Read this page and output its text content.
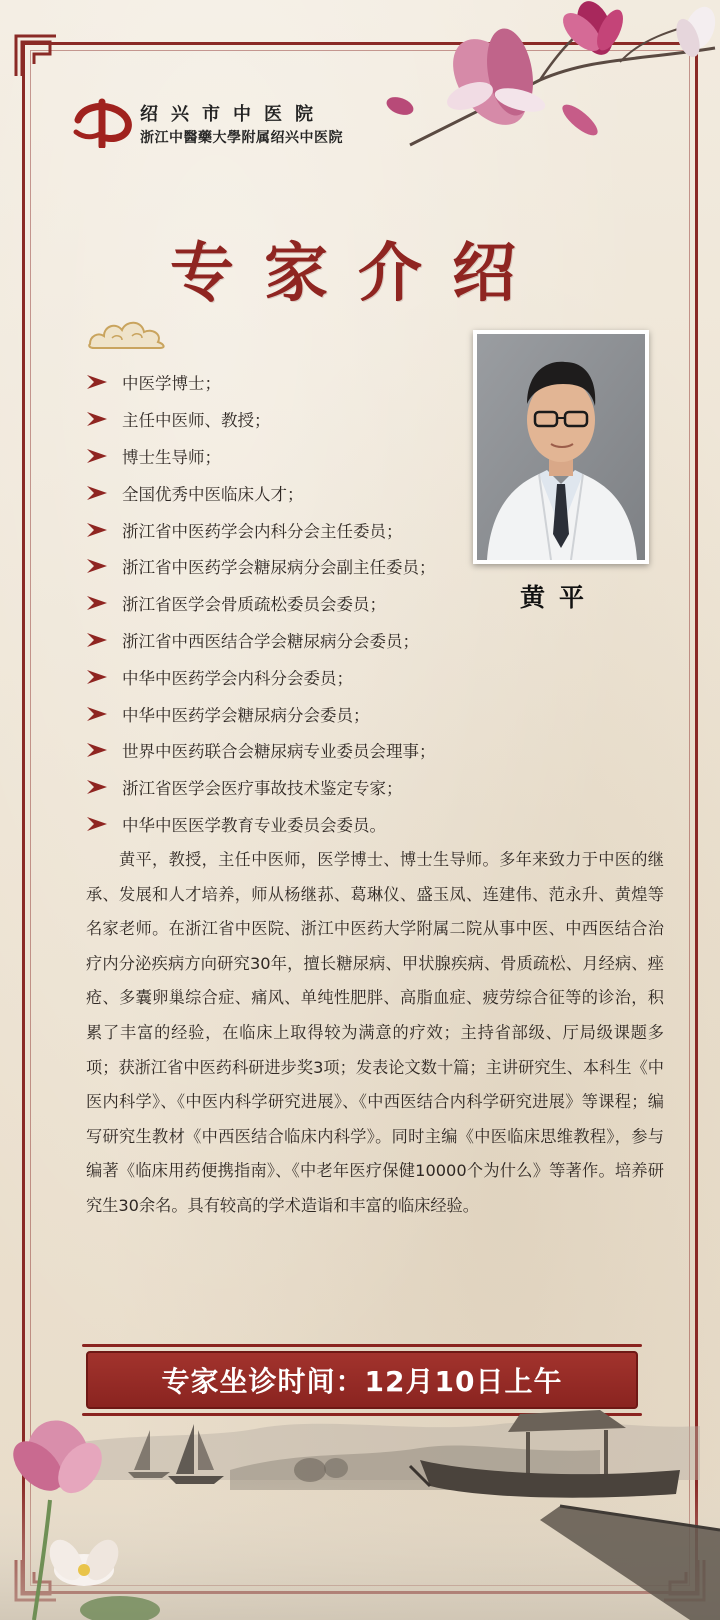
绍兴市中医院
浙江中醫藥大學附属绍兴中医院
专家介绍
黄平
中医学博士；
主任中医师、教授；
博士生导师；
全国优秀中医临床人才；
浙江省中医药学会内科分会主任委员；
浙江省中医药学会糖尿病分会副主任委员；
浙江省医学会骨质疏松委员会委员；
浙江省中西医结合学会糖尿病分会委员；
中华中医药学会内科分会委员；
中华中医药学会糖尿病分会委员；
世界中医药联合会糖尿病专业委员会理事；
浙江省医学会医疗事故技术鉴定专家；
中华中医医学教育专业委员会委员。

黄平，教授，主任中医师，医学博士、博士生导师。多年来致力于中医的继承、发展和人才培养，师从杨继荪、葛琳仪、盛玉凤、连建伟、范永升、黄煌等名家老师。在浙江省中医院、浙江中医药大学附属二院从事中医、中西医结合治疗内分泌疾病方向研究30年，擅长糖尿病、甲状腺疾病、骨质疏松、月经病、痤疮、多囊卵巢综合症、痛风、单纯性肥胖、高脂血症、疲劳综合征等的诊治，积累了丰富的经验，在临床上取得较为满意的疗效；主持省部级、厅局级课题多项；获浙江省中医药科研进步奖3项；发表论文数十篇；主讲研究生、本科生《中医内科学》、《中医内科学研究进展》、《中西医结合内科学研究进展》等课程；编写研究生教材《中西医结合临床内科学》。同时主编《中医临床思维教程》，参与编著《临床用药便携指南》、《中老年医疗保健10000个为什么》等著作。培养研究生30余名。具有较高的学术造诣和丰富的临床经验。

专家坐诊时间：12月10日上午
